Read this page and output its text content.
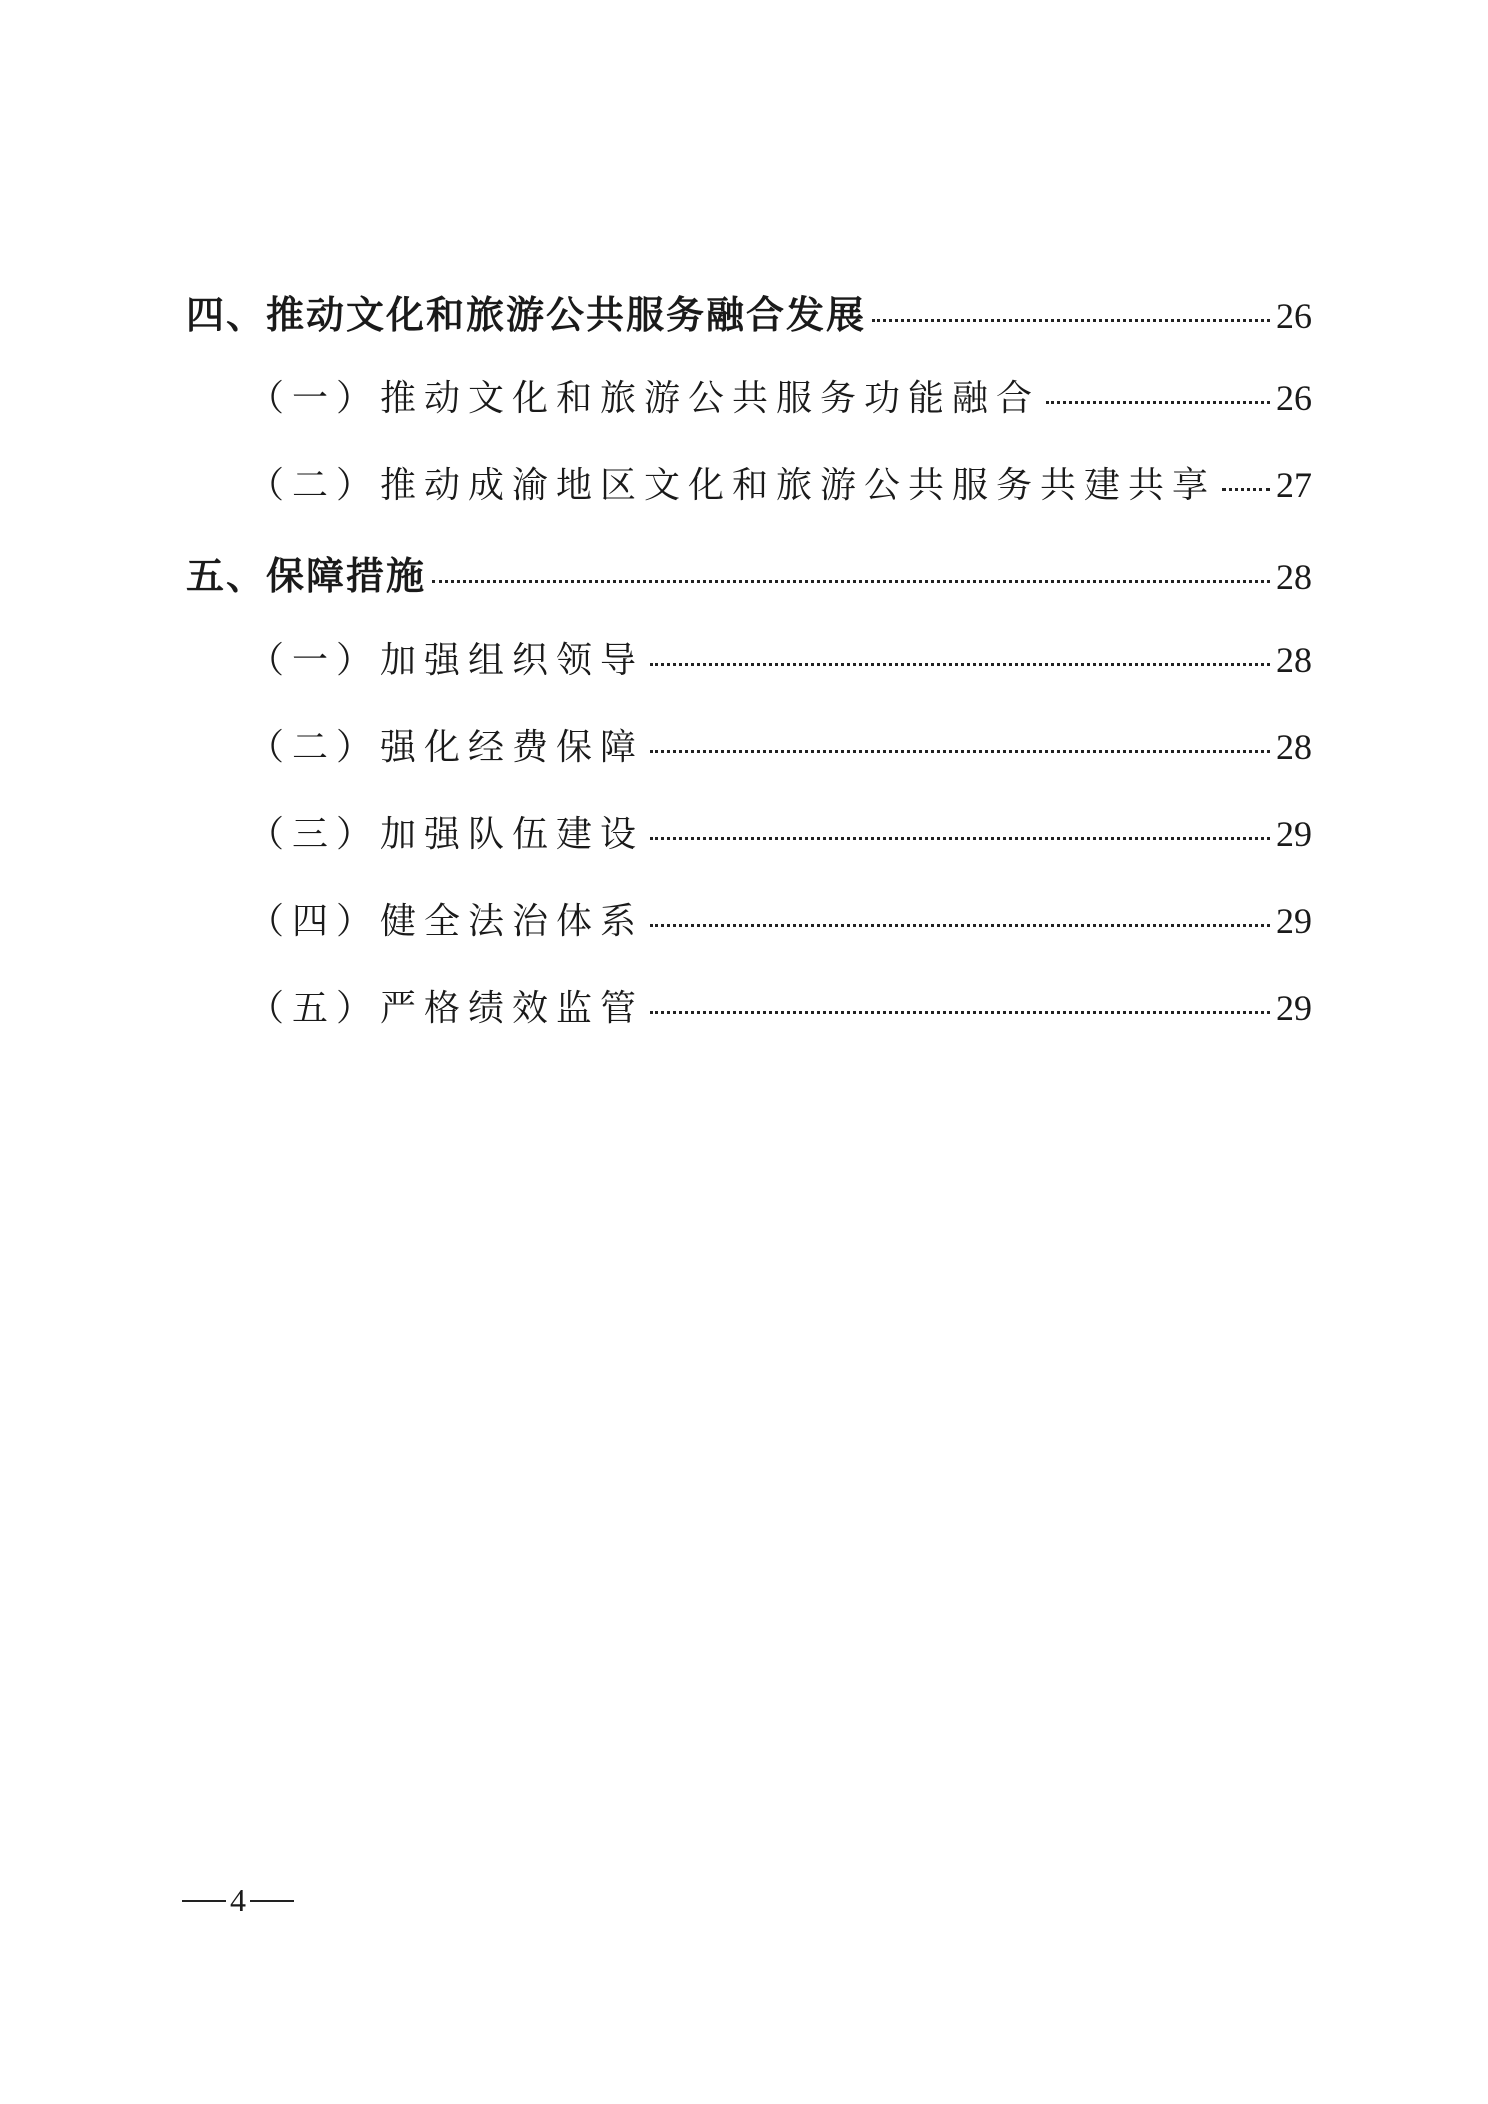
四、推动文化和旅游公共服务融合发展	26
（一）推动文化和旅游公共服务功能融合	26
（二）推动成渝地区文化和旅游公共服务共建共享 27
五、保障措施	28
（一）加强组织领导	28
（二）强化经费保障	28
（三）加强队伍建设	29
（四）健全法治体系	29
（五）严格绩效监管	29
4
